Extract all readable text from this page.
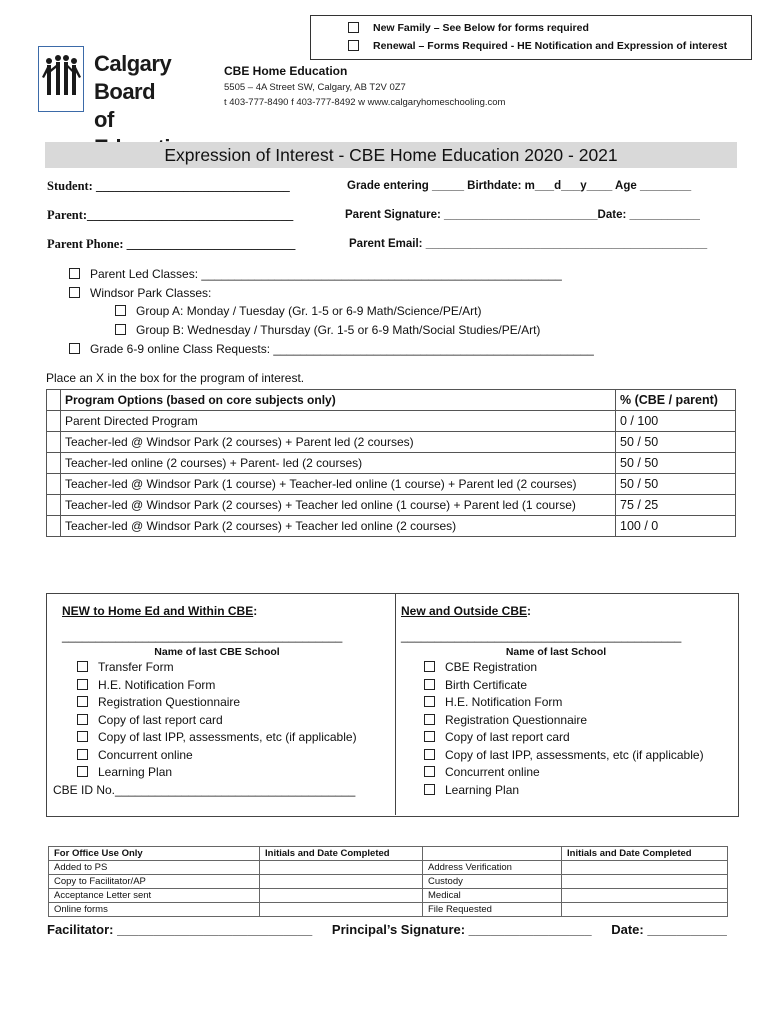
New Family – See Below for forms required
Renewal – Forms Required - HE Notification and Expression of interest
Calgary Board
of
CBE Home Education
5505 – 4A Street SW, Calgary, AB T2V 0Z7
t 403-777-8490 f 403-777-8492 w www.calgaryhomeschooling.com
Expression of Interest - CBE Home Education 2020 - 2021
Student: _______________________________	Grade entering _____ Birthdate: m___d___y____ Age ________
Parent:_________________________________	Parent Signature: ________________________Date: ___________
Parent Phone: ___________________________	Parent Email: ____________________________________________
Parent Led Classes: ______________________________________________________
Windsor Park Classes:
Group A: Monday / Tuesday (Gr. 1-5 or 6-9 Math/Science/PE/Art)
Group B: Wednesday / Thursday (Gr. 1-5 or 6-9 Math/Social Studies/PE/Art)
Grade 6-9 online Class Requests: ________________________________________________
Place an X in the box for the program of interest.
	Program Options (based on core subjects only)	% (CBE / parent)
	Parent Directed Program	0 / 100
	Teacher-led @ Windsor Park (2 courses) + Parent led (2 courses)	50 / 50
	Teacher-led online (2 courses) + Parent- led (2 courses)	50 / 50
	Teacher-led @ Windsor Park (1 course) + Teacher-led online (1 course) + Parent led (2 courses)	50 / 50
	Teacher-led @ Windsor Park (2 courses) + Teacher led online (1 course) + Parent led (1 course)	75 / 25
	Teacher-led @ Windsor Park (2 courses) + Teacher led online (2 courses)	100 / 0
NEW to Home Ed and Within CBE:
__________________________________________
Name of last CBE School
Transfer Form
H.E. Notification Form
Registration Questionnaire
Copy of last report card
Copy of last IPP, assessments, etc (if applicable)
Concurrent online
Learning Plan
CBE ID No.____________________________________
New and Outside CBE:
__________________________________________
Name of last School
CBE Registration
Birth Certificate
H.E. Notification Form
Registration Questionnaire
Copy of last report card
Copy of last IPP, assessments, etc (if applicable)
Concurrent online
Learning Plan
For Office Use Only	Initials and Date Completed		Initials and Date Completed
Added to PS		Address Verification	
Copy to Facilitator/AP		Custody	
Acceptance Letter sent		Medical	
Online forms		File Requested	
Facilitator: ___________________________ Principal’s Signature: _________________ Date: ___________
